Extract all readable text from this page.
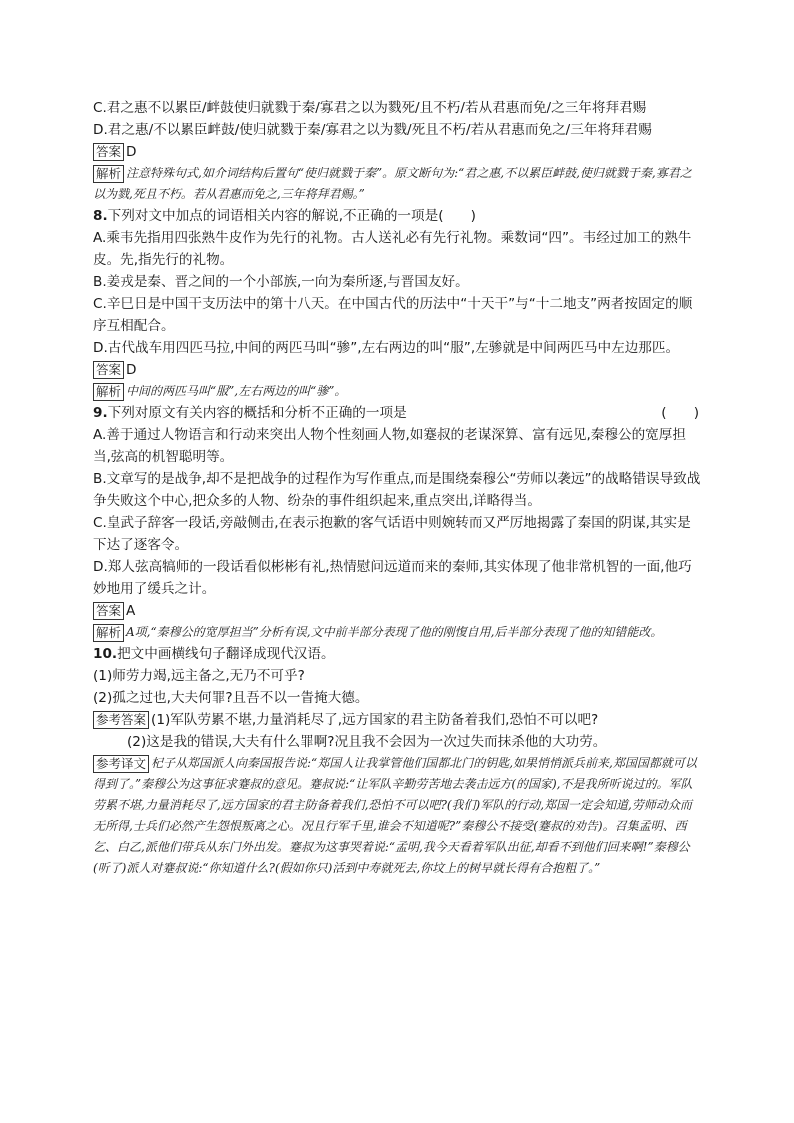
C.君之惠不以累臣/衅鼓使归就戮于秦/寡君之以为戮死/且不朽/若从君惠而免/之三年将拜君赐
D.君之惠/不以累臣衅鼓/使归就戮于秦/寡君之以为戮/死且不朽/若从君惠而免之/三年将拜君赐
答案 D
解析 注意特殊句式,如介词结构后置句“使归就戮于秦”。原文断句为:“君之惠,不以累臣衅鼓,使归就戮于秦,寡君之以为戮,死且不朽。若从君惠而免之,三年将拜君赐。”
8.下列对文中加点的词语相关内容的解说,不正确的一项是(　　)
A.乘韦先指用四张熟牛皮作为先行的礼物。古人送礼必有先行礼物。乘数词“四”。韦经过加工的熟牛皮。先,指先行的礼物。
B.姜戎是秦、晋之间的一个小部族,一向为秦所逐,与晋国友好。
C.辛巳日是中国干支历法中的第十八天。在中国古代的历法中“十天干”与“十二地支”两者按固定的顺序互相配合。
D.古代战车用四匹马拉,中间的两匹马叫“骖”,左右两边的叫“服”,左骖就是中间两匹马中左边那匹。
答案 D
解析 中间的两匹马叫“服”,左右两边的叫“骖”。
9.下列对原文有关内容的概括和分析不正确的一项是	(　　)
A.善于通过人物语言和行动来突出人物个性刻画人物,如蹇叔的老谋深算、富有远见,秦穆公的宽厚担当,弦高的机智聪明等。
B.文章写的是战争,却不是把战争的过程作为写作重点,而是围绕秦穆公“劳师以袭远”的战略错误导致战争失败这个中心,把众多的人物、纷杂的事件组织起来,重点突出,详略得当。
C.皇武子辞客一段话,旁敲侧击,在表示抱歉的客气话语中则婉转而又严厉地揭露了秦国的阴谋,其实是下达了逐客令。
D.郑人弦高犒师的一段话看似彬彬有礼,热情慰问远道而来的秦师,其实体现了他非常机智的一面,他巧妙地用了缓兵之计。
答案 A
解析 A项,“秦穆公的宽厚担当”分析有误,文中前半部分表现了他的刚愎自用,后半部分表现了他的知错能改。
10.把文中画横线句子翻译成现代汉语。
(1)师劳力竭,远主备之,无乃不可乎?
(2)孤之过也,大夫何罪?且吾不以一眚掩大德。
参考答案 (1)军队劳累不堪,力量消耗尽了,远方国家的君主防备着我们,恐怕不可以吧?
(2)这是我的错误,大夫有什么罪啊?况且我不会因为一次过失而抹杀他的大功劳。
参考译文 杞子从郑国派人向秦国报告说:“郑国人让我掌管他们国都北门的钥匙,如果悄悄派兵前来,郑国国都就可以得到了。”秦穆公为这事征求蹇叔的意见。蹇叔说:“让军队辛勤劳苦地去袭击远方(的国家),不是我所听说过的。军队劳累不堪,力量消耗尽了,远方国家的君主防备着我们,恐怕不可以吧?(我们)军队的行动,郑国一定会知道,劳师动众而无所得,士兵们必然产生怨恨叛离之心。况且行军千里,谁会不知道呢?”秦穆公不接受(蹇叔的劝告)。召集孟明、西乞、白乙,派他们带兵从东门外出发。蹇叔为这事哭着说:“孟明,我今天看着军队出征,却看不到他们回来啊!”秦穆公(听了)派人对蹇叔说:“你知道什么?(假如你只)活到中寿就死去,你坟上的树早就长得有合抱粗了。”
